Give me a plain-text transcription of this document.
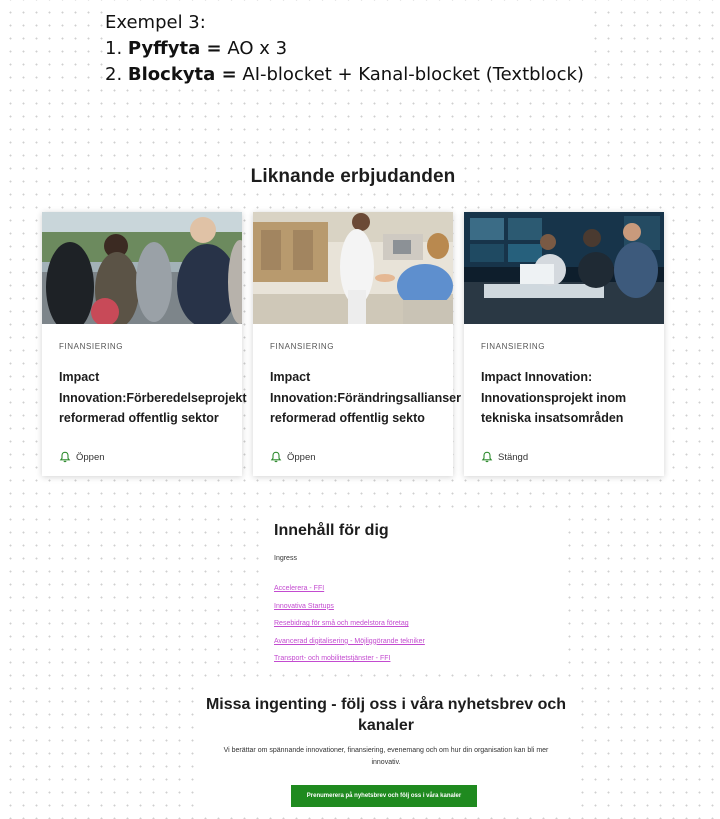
Exempel 3:
1. Pyffyta = AO x 3
2. Blockyta = AI-blocket + Kanal-blocket (Textblock)
Liknande erbjudanden
FINANSIERING
Impact Innovation:Förberedelseprojekt reformerad offentlig sektor
Öppen
FINANSIERING
Impact Innovation:Förändringsallianser reformerad offentlig sekto
Öppen
FINANSIERING
Impact Innovation: Innovationsprojekt inom tekniska insatsområden
Stängd
Innehåll för dig
Ingress
Accelerera - FFI
Innovativa Startups
Resebidrag för små och medelstora företag
Avancerad digitalisering - Möjliggörande tekniker
Transport- och mobilitetstjänster - FFI
Missa ingenting - följ oss i våra nyhetsbrev och kanaler
Vi berättar om spännande innovationer, finansiering, evenemang och om hur din organisation kan bli mer innovativ.
Prenumerera på nyhetsbrev och följ oss i våra kanaler
